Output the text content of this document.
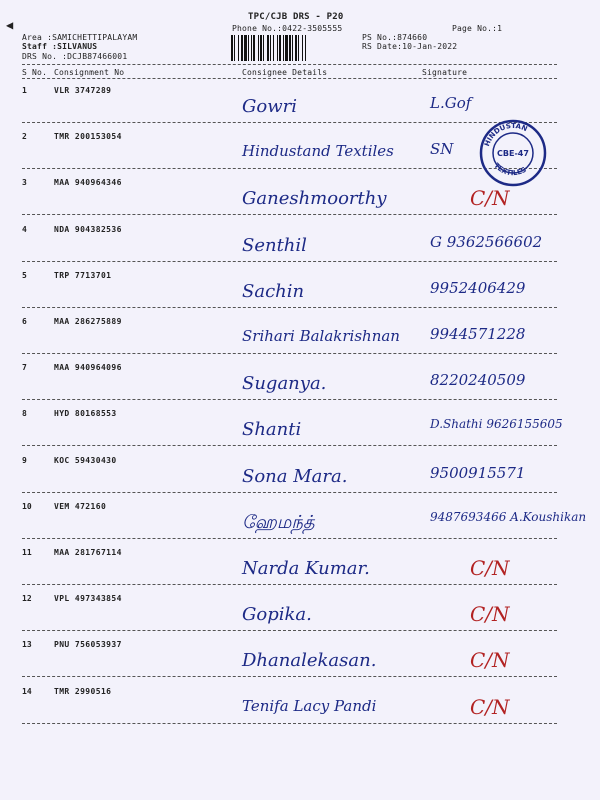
◀
TPC/CJB DRS - P20
Phone No.:0422-3505555	Page No.:1
Area :SAMICHETTIPALAYAM
Staff :SILVANUS
DRS No. :DCJB87466001
PS No.:874660
RS Date:10-Jan-2022
S No. Consignment No	Consignee Details	Signature
1	VLR 3747289
Gowri	L.Gof
2	TMR 200153054
Hindustand Textiles SN
3	MAA 940964346
Ganeshmoorthy	C/N
4	NDA 904382536
Senthil	G 9362566602
5	TRP 7713701
Sachin	9952406429
6	MAA 286275889
Srihari Balakrishnan 9944571228
7	MAA 940964096
Suganya.	8220240509
8	HYD 80168553
Shanti	D.Shathi 9626155605
9	KOC 59430430
Sona Mara.	9500915571
10	VEM 472160
ஹேமந்த்	9487693466 A.Koushikan
11	MAA 281767114
Narda Kumar.	C/N
12	VPL 497343854
Gopika.	C/N
13	PNU 756053937
Dhanalekasan.	C/N
14	TMR 2990516
Tenifa Lacy Pandi	C/N
HINDUSTAN
CBE-47
TEXTILES
